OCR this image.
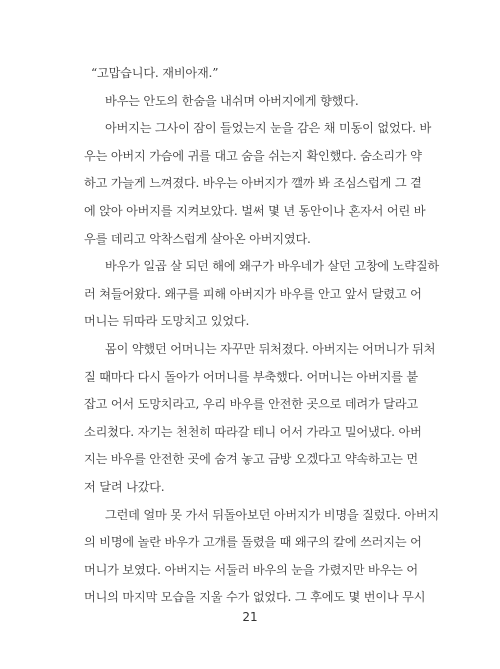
“고맙습니다. 재비아재.”

바우는 안도의 한숨을 내쉬며 아버지에게 향했다.

아버지는 그사이 잠이 들었는지 눈을 감은 채 미동이 없었다. 바
우는 아버지 가슴에 귀를 대고 숨을 쉬는지 확인했다. 숨소리가 약
하고 가늘게 느껴졌다. 바우는 아버지가 깰까 봐 조심스럽게 그 곁
에 앉아 아버지를 지켜보았다. 벌써 몇 년 동안이나 혼자서 어린 바
우를 데리고 악착스럽게 살아온 아버지였다.

바우가 일곱 살 되던 해에 왜구가 바우네가 살던 고창에 노략질하
러 쳐들어왔다. 왜구를 피해 아버지가 바우를 안고 앞서 달렸고 어
머니는 뒤따라 도망치고 있었다.

몸이 약했던 어머니는 자꾸만 뒤처졌다. 아버지는 어머니가 뒤처
질 때마다 다시 돌아가 어머니를 부축했다. 어머니는 아버지를 붙
잡고 어서 도망치라고, 우리 바우를 안전한 곳으로 데려가 달라고
소리쳤다. 자기는 천천히 따라갈 테니 어서 가라고 밀어냈다. 아버
지는 바우를 안전한 곳에 숨겨 놓고 금방 오겠다고 약속하고는 먼
저 달려 나갔다.

그런데 얼마 못 가서 뒤돌아보던 아버지가 비명을 질렀다. 아버지
의 비명에 놀란 바우가 고개를 돌렸을 때 왜구의 칼에 쓰러지는 어
머니가 보였다. 아버지는 서둘러 바우의 눈을 가렸지만 바우는 어
머니의 마지막 모습을 지울 수가 없었다. 그 후에도 몇 번이나 무시

21
